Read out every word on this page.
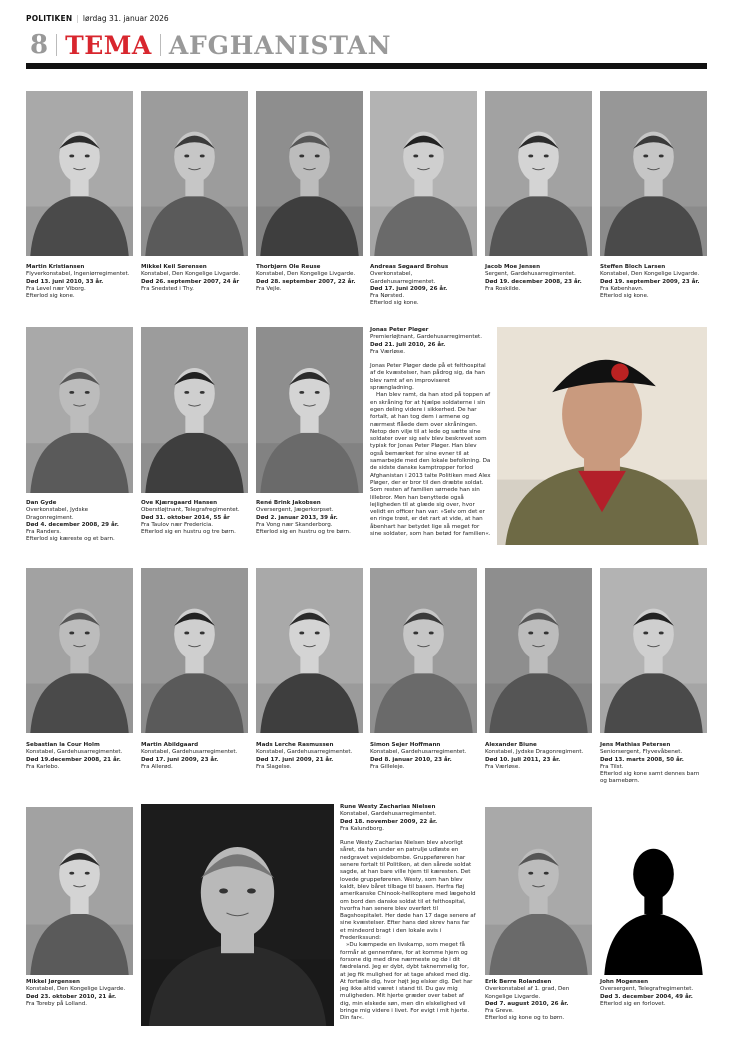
POLITIKEN | lørdag 31. januar 2026
8 TEMA AFGHANISTAN
Martin Kristiansen
Flyverkonstabel, Ingeniørregimentet.
Død 13. juni 2010, 33 år.
Fra Level nær Viborg.
Efterlod sig kone.
Mikkel Keil Sørensen
Konstabel, Den Kongelige Livgarde.
Død 26. september 2007, 24 år
Fra Snedsted i Thy.
Thorbjørn Ole Reuse
Konstabel, Den Kongelige Livgarde.
Død 28. september 2007, 22 år.
Fra Vejle.
Andreas Søgaard Brohus
Overkonstabel, Gardehusarregimentet.
Død 17. juni 2009, 26 år.
Fra Nørsted.
Efterlod sig kone.
Jacob Moe Jensen
Sergent, Gardehusarregimentet.
Død 19. december 2008, 23 år.
Fra Roskilde.
Steffen Bloch Larsen
Konstabel, Den Kongelige Livgarde.
Død 19. september 2009, 23 år.
Fra København.
Efterlod sig kone.
Dan Gyde
Overkonstabel, Jydske Dragonregiment.
Død 4. december 2008, 29 år.
Fra Randers.
Efterlod sig kæreste og et barn.
Ove Kjærsgaard Hansen
Oberstløjtnant, Telegrafregimentet.
Død 31. oktober 2014, 55 år
Fra Taulov nær Fredericia.
Efterlod sig en hustru og tre børn.
René Brink Jakobsen
Oversergent, Jægerkorpset.
Død 2. januar 2013, 39 år.
Fra Vong nær Skanderborg.
Efterlod sig en hustru og tre børn.
Sebastian la Cour Holm
Konstabel, Gardehusarregimentet.
Død 19.december 2008, 21 år.
Fra Karlebo.
Martin Abildgaard
Konstabel, Gardehusarregimentet.
Død 17. juni 2009, 23 år.
Fra Allerød.
Mads Lerche Rasmussen
Konstabel, Gardehusarregimentet.
Død 17. juni 2009, 21 år.
Fra Slagelse.
Simon Sejer Hoffmann
Konstabel, Gardehusarregimentet.
Død 8. januar 2010, 23 år.
Fra Gilleleje.
Alexander Biune
Konstabel, Jydske Dragonregiment.
Død 10. juli 2011, 23 år.
Fra Værløse.
Jens Mathias Petersen
Seniorsergent, Flyvevåbenet.
Død 13. marts 2008, 50 år.
Fra Tilst.
Efterlod sig kone samt dennes barn og barnebørn.
Mikkel Jørgensen
Konstabel, Den Kongelige Livgarde.
Død 23. oktober 2010, 21 år.
Fra Toreby på Lolland.
Erik Berre Rolandsen
Overkonstabel af 1. grad, Den Kongelige Livgarde.
Død 7. august 2010, 26 år.
Fra Greve.
Efterlod sig kone og to børn.
John Mogensen
Oversergent, Telegrafregimentet.
Død 3. december 2004, 49 år.
Efterlod sig en forlovet.
Jonas Peter Pløger
Premierløjtnant, Gardehusarregimentet.
Død 21. juli 2010, 26 år.
Fra Værløse.

Jonas Peter Pløger døde på et felthospital af de kvæstelser, han pådrog sig, da han blev ramt af en improviseret sprængladning.

Han blev ramt, da han stod på toppen af en skråning for at hjælpe soldaterne i sin egen deling videre i sikkerhed. De har fortalt, at han tog dem i armene og nærmest flåede dem over skråningen. Netop den vilje til at lede og sætte sine soldater over sig selv blev beskrevet som typisk for Jonas Peter Pløger. Han blev også bemærket for sine evner til at samarbejde med den lokale befolkning. Da de sidste danske kamptropper forlod Afghanistan i 2013 talte Politiken med Alex Pløger, der er bror til den dræbte soldat. Som resten af familien sørnede han sin lillebror. Men han benyttede også lejligheden til at glæde sig over, hvor velidt en officer han var: »Selv om det er en ringe trøst, er det rart at vide, at han åbenhart har betydet lige så meget for sine soldater, som han betød for familien«.

Rune Westy Zacharias Nielsen
Konstabel, Gardehusarregimentet.
Død 18. november 2009, 22 år.
Fra Kalundborg.

Rune Westy Zacharias Nielsen blev alvorligt såret, da han under en patrulje udløste en nedgravet vejsidebombe. Gruppeføreren har senere fortalt til Politiken, at den sårede soldat sagde, at han bare ville hjem til kæresten. Det lovede gruppeføreren. Westy, som han blev kaldt, blev båret tilbage til basen. Herfra fløj amerikanske Chinook-helikoptere med lægehold om bord den danske soldat til et felthospital, hvorfra han senere blev overført til Bagshospitalet. Her døde han 17 dage senere af sine kvæstelser. Efter hans død skrev hans far et mindeord bragt i den lokale avis i Frederikssund:

»Du kæmpede en livskamp, som meget få formår at gennemføre, for at komme hjem og forsone dig med dine nærmeste og dø i dit fædreland. Jeg er dybt, dybt taknemmelig for, at jeg fik mulighed for at tage afsked med dig. At fortælle dig, hvor højt jeg elsker dig. Det har jeg ikke altid været i stand til. Du gav mig muligheden. Mit hjerte græder over tabet af dig, min elskede søn, men din elskelighed vil bringe mig videre i livet. For evigt i mit hjerte. Din far«.
